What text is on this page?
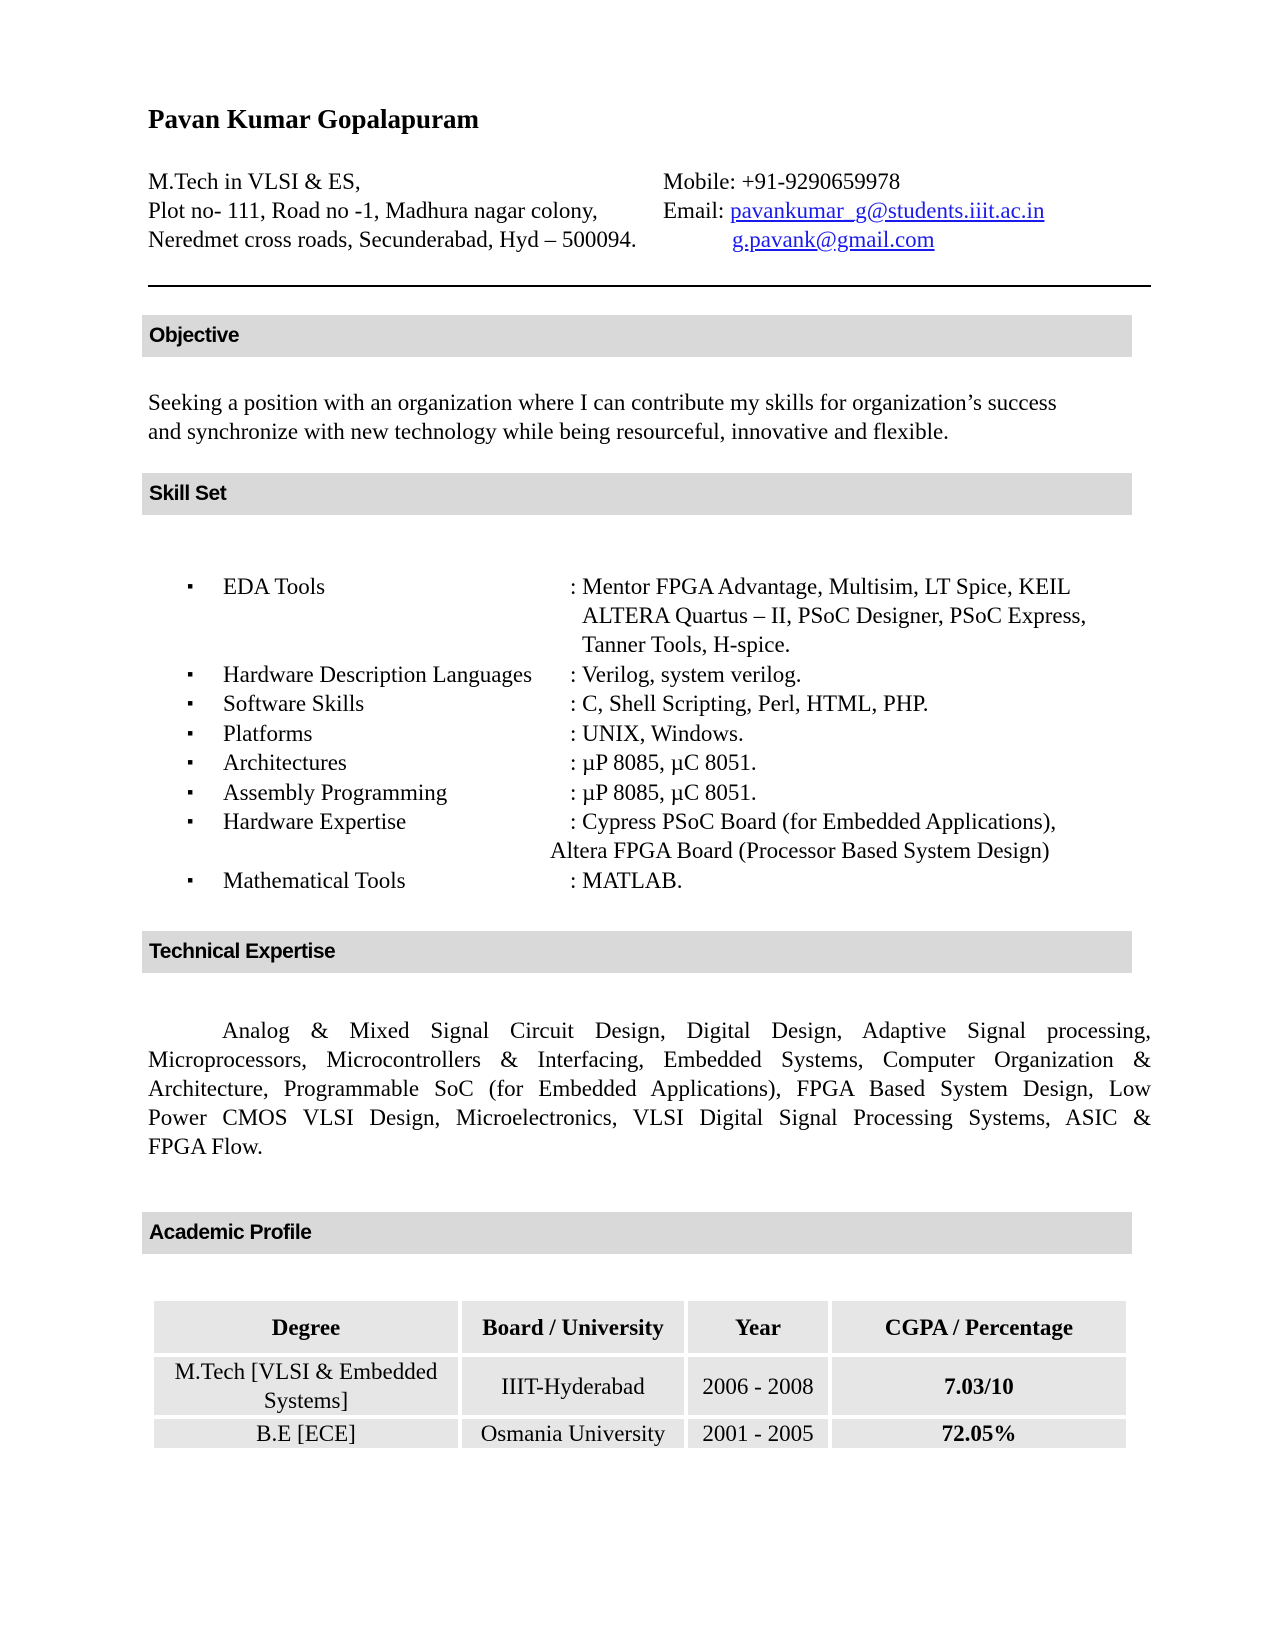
Pavan Kumar Gopalapuram
M.Tech in VLSI & ES,
Plot no- 111, Road no -1, Madhura nagar colony,
Neredmet cross roads, Secunderabad, Hyd – 500094.
Mobile: +91-9290659978
Email: pavankumar_g@students.iiit.ac.in
g.pavank@gmail.com
Objective
Seeking a position with an organization where I can contribute my skills for organization’s success
and synchronize with new technology while being resourceful, innovative and flexible.
Skill Set
▪ EDA Tools	: Mentor FPGA Advantage, Multisim, LT Spice, KEIL
ALTERA Quartus – II, PSoC Designer, PSoC Express,
Tanner Tools, H-spice.
▪ Hardware Description Languages : Verilog, system verilog.
▪ Software Skills	: C, Shell Scripting, Perl, HTML, PHP.
▪ Platforms	: UNIX, Windows.
▪ Architectures	: µP 8085, µC 8051.
▪ Assembly Programming	: µP 8085, µC 8051.
▪ Hardware Expertise	: Cypress PSoC Board (for Embedded Applications),
Altera FPGA Board (Processor Based System Design)
▪ Mathematical Tools	: MATLAB.
Technical Expertise
Analog & Mixed Signal Circuit Design, Digital Design, Adaptive Signal processing,
Microprocessors, Microcontrollers & Interfacing, Embedded Systems, Computer Organization &
Architecture, Programmable SoC (for Embedded Applications), FPGA Based System Design, Low
Power CMOS VLSI Design, Microelectronics, VLSI Digital Signal Processing Systems, ASIC &
FPGA Flow.
Academic Profile
Degree	Board / University	Year	CGPA / Percentage

M.Tech [VLSI & Embedded
Systems]	IIIT-Hyderabad	2006 - 2008	7.03/10
B.E [ECE]	Osmania University	2001 - 2005	72.05%
